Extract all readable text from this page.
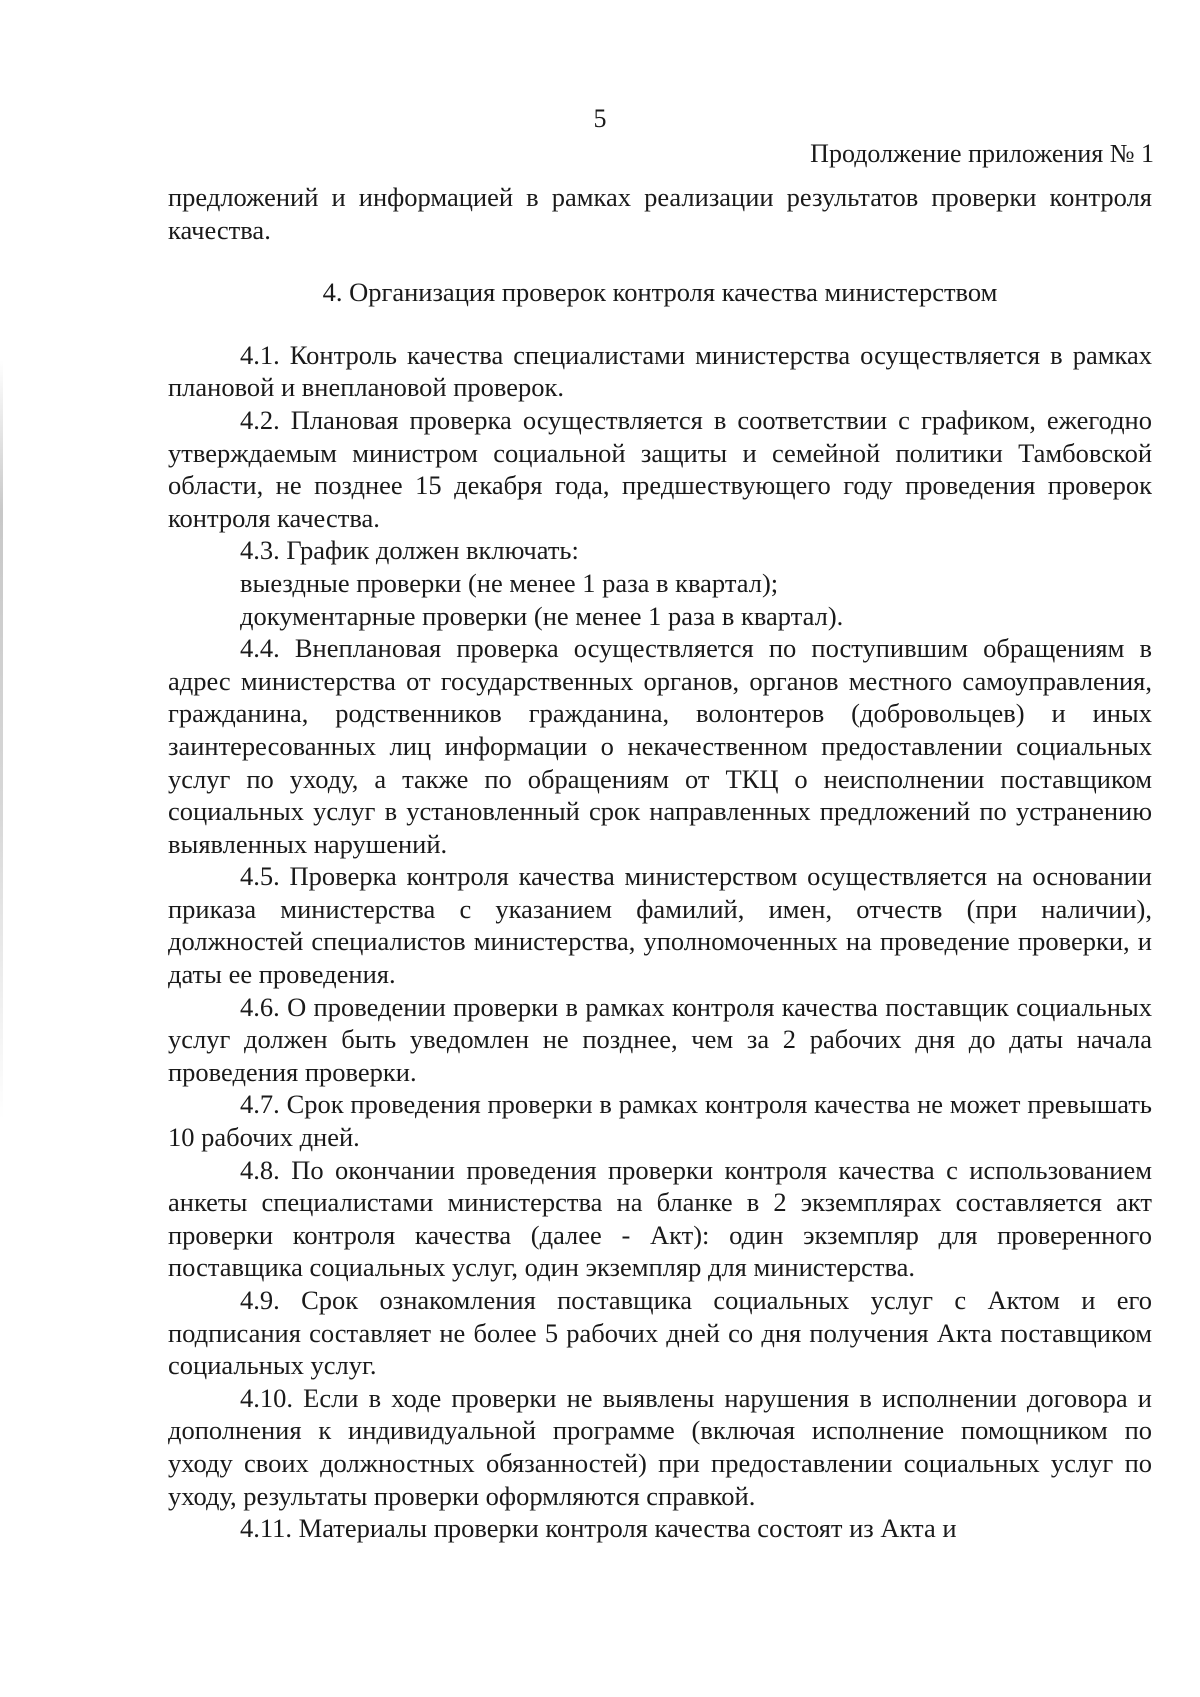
5
Продолжение приложения № 1

предложений и информацией в рамках реализации результатов проверки контроля качества.

4. Организация проверок контроля качества министерством

4.1. Контроль качества специалистами министерства осуществляется в рамках плановой и внеплановой проверок.

4.2. Плановая проверка осуществляется в соответствии с графиком, ежегодно утверждаемым министром социальной защиты и семейной политики Тамбовской области, не позднее 15 декабря года, предшествующего году проведения проверок контроля качества.

4.3. График должен включать:

выездные проверки (не менее 1 раза в квартал);

документарные проверки (не менее 1 раза в квартал).

4.4. Внеплановая проверка осуществляется по поступившим обращениям в адрес министерства от государственных органов, органов местного самоуправления, гражданина, родственников гражданина, волонтеров (добровольцев) и иных заинтересованных лиц информации о некачественном предоставлении социальных услуг по уходу, а также по обращениям от ТКЦ о неисполнении поставщиком социальных услуг в установленный срок направленных предложений по устранению выявленных нарушений.

4.5. Проверка контроля качества министерством осуществляется на основании приказа министерства с указанием фамилий, имен, отчеств (при наличии), должностей специалистов министерства, уполномоченных на проведение проверки, и даты ее проведения.

4.6. О проведении проверки в рамках контроля качества поставщик социальных услуг должен быть уведомлен не позднее, чем за 2 рабочих дня до даты начала проведения проверки.

4.7. Срок проведения проверки в рамках контроля качества не может превышать 10 рабочих дней.

4.8. По окончании проведения проверки контроля качества с использованием анкеты специалистами министерства на бланке в 2 экземплярах составляется акт проверки контроля качества (далее - Акт): один экземпляр для проверенного поставщика социальных услуг, один экземпляр для министерства.

4.9. Срок ознакомления поставщика социальных услуг с Актом и его подписания составляет не более 5 рабочих дней со дня получения Акта поставщиком социальных услуг.

4.10. Если в ходе проверки не выявлены нарушения в исполнении договора и дополнения к индивидуальной программе (включая исполнение помощником по уходу своих должностных обязанностей) при предоставлении социальных услуг по уходу, результаты проверки оформляются справкой.

4.11. Материалы проверки контроля качества состоят из Акта и
